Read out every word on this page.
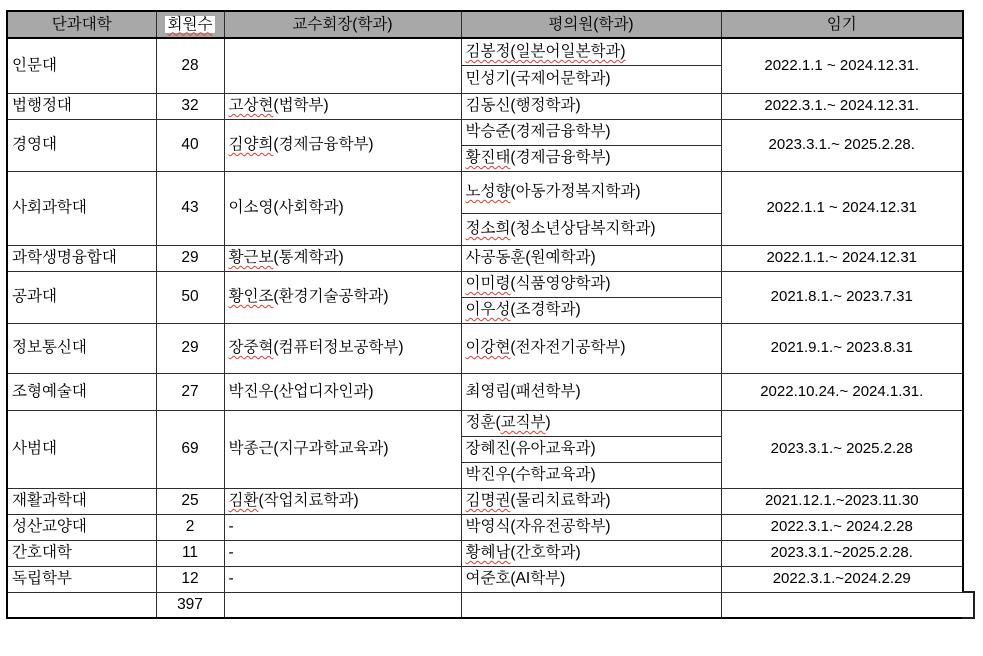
단과대학	회원수	교수회장(학과)	평의원(학과)	임기
인문대	28		김봉정(일본어일본학과)	2022.1.1 ~ 2024.12.31.
			민성기(국제어문학과)	
법행정대	32	고상현(법학부)	김동신(행정학과)	2022.3.1.~ 2024.12.31.
경영대	40	김양희(경제금융학부)	박승준(경제금융학부)	2023.3.1.~ 2025.2.28.
			황진태(경제금융학부)	
사회과학대	43	이소영(사회학과)	노성향(아동가정복지학과)	2022.1.1 ~ 2024.12.31
			정소희(청소년상담복지학과)	
과학생명융합대	29	황근보(통계학과)	사공동훈(원예학과)	2022.1.1.~ 2024.12.31
공과대	50	황인조(환경기술공학과)	이미령(식품영양학과)	2021.8.1.~ 2023.7.31
			이우성(조경학과)	
정보통신대	29	장중혁(컴퓨터정보공학부)	이강현(전자전기공학부)	2021.9.1.~ 2023.8.31
조형예술대	27	박진우(산업디자인과)	최영림(패션학부)	2022.10.24.~ 2024.1.31.
사범대	69	박종근(지구과학교육과)	정훈(교직부)	2023.3.1.~ 2025.2.28
			장혜진(유아교육과)	
			박진우(수학교육과)	
재활과학대	25	김환(작업치료학과)	김명권(물리치료학과)	2021.12.1.~2023.11.30
성산교양대	2	-	박영식(자유전공학부)	2022.3.1.~ 2024.2.28
간호대학	11	-	황혜남(간호학과)	2023.3.1.~2025.2.28.
독립학부	12	-	여준호(AI학부)	2022.3.1.~2024.2.29
	397			
